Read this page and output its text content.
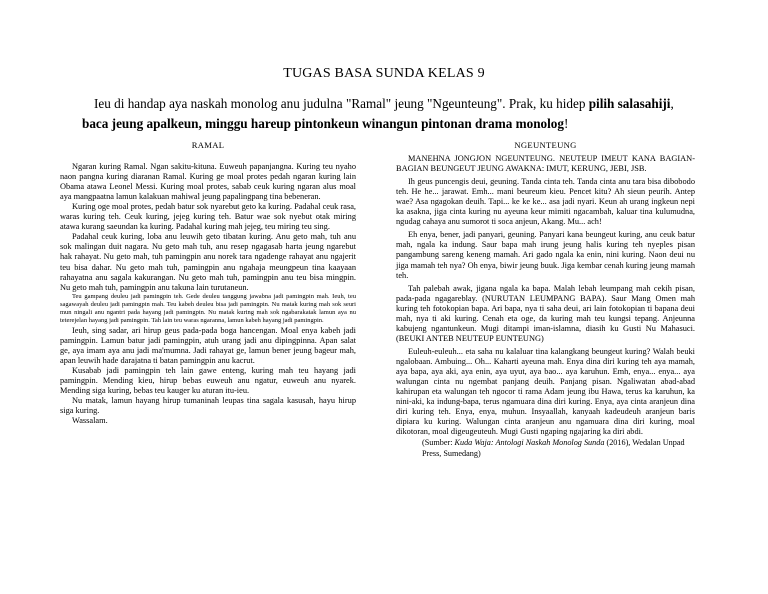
TUGAS BASA SUNDA KELAS 9
Ieu di handap aya naskah monolog anu judulna "Ramal" jeung "Ngeunteung". Prak, ku hidep pilih salasahiji, baca jeung apalkeun, minggu hareup pintonkeun winangun pintonan drama monolog!
RAMAL

Ngaran kuring Ramal. Ngan sakitu-kituna. Euweuh papanjangna. Kuring teu nyaho naon pangna kuring diaranan Ramal. Kuring ge moal protes pedah ngaran kuring lain Obama atawa Leonel Messi. Kuring moal protes, sabab ceuk kuring ngaran alus moal aya mangpaatna lamun kalakuan mahiwal jeung papalingpang tina bebeneran.

Kuring oge moal protes, pedah batur sok nyarebut geto ka kuring. Padahal ceuk rasa, waras kuring teh. Ceuk kuring, jejeg kuring teh. Batur wae sok nyebut otak miring atawa kurang saeundan ka kuring. Padahal kuring mah jejeg, teu miring teu sing.

Padahal ceuk kuring, loba anu leuwih geto tibatan kuring. Anu geto mah, tuh anu sok malingan duit nagara. Nu geto mah tuh, anu resep ngagasab harta jeung ngarebut hak rahayat. Nu geto mah, tuh pamingpin anu norek tara ngadenge rahayat anu ngajerit teu bisa dahar. Nu geto mah tuh, pamingpin anu ngahaja meungpeun tina kaayaan rahayatna anu sagala kakurangan. Nu geto mah tuh, pamingpin anu teu bisa mingpin. Nu geto mah tuh, pamingpin anu takuna lain turutaneun.

Teu gampang deuleu jadi pamingpin teh. Gede deuleu tanggung jawabna jadi pamingpin mah. Ieuh, teu sagawayah deuleu jadi pamingpin mah. Teu kabeh deuleu bisa jadi pamingpin. Nu matak kuring mah sok seuri mun ningali anu ngantri pada hayang jadi pamingpin. Nu matak kuring mah sok ngabarakatak lamun aya nu teterejelan hayang jadi pamingpin. Tah lain teu waras ngaranna, lamun kabeh hayang jadi pamingpin.

Ieuh, sing sadar, ari hirup geus pada-pada boga hancengan. Moal enya kabeh jadi pamingpin. Lamun batur jadi pamingpin, atuh urang jadi anu dipingpinna. Apan salat ge, aya imam aya anu jadi ma'mumna. Jadi rahayat ge, lamun bener jeung bageur mah, apan leuwih hade darajatna ti batan pamingpin anu kacrut.

Kusabab jadi pamingpin teh lain gawe enteng, kuring mah teu hayang jadi pamingpin. Mending kieu, hirup bebas euweuh anu ngatur, euweuh anu nyarek. Mending siga kuring, bebas teu kauger ku aturan itu-ieu.

Nu matak, lamun hayang hirup tumaninah leupas tina sagala kasusah, hayu hirup siga kuring.

Wassalam.

NGEUNTEUNG

MANEHNA JONGJON NGEUNTEUNG. NEUTEUP IMEUT KANA BAGIAN-BAGIAN BEUNGEUT JEUNG AWAKNA: IMUT, KERUNG, JEBI, JSB.

Ih geus puncengis deui, geuning. Tanda cinta teh. Tanda cinta anu tara bisa dibobodo teh. He he... jarawat. Emh... mani beureum kieu. Pencet kitu? Ah sieun peurih. Antep wae? Asa ngagokan deuih. Tapi... ke ke ke... asa jadi nyari. Keun ah urang ingkeun nepi ka asakna, jiga cinta kuring nu ayeuna keur mimiti ngacambah, kaluar tina kulumudna, ngudag cahaya anu sumorot ti soca anjeun, Akang. Mu... ach!

Eh enya, bener, jadi panyari, geuning. Panyari kana beungeut kuring, anu ceuk batur mah, ngala ka indung. Saur bapa mah irung jeung halis kuring teh nyeples pisan pangambung sareng keneng mamah. Ari gado ngala ka enin, nini kuring. Naon deui nu jiga mamah teh nya? Oh enya, biwir jeung buuk. Jiga kembar cenah kuring jeung mamah teh.

Tah palebah awak, jiganа ngala ka bapa. Malah lebah leumpang mah cekih pisan, pada-pada ngagareblay. (NURUTAN LEUMPANG BAPA). Saur Mang Omen mah kuring teh fotokopian bapa. Ari bapa, nya ti saha deui, ari lain fotokopian ti bapana deui mah, nya ti aki kuring. Cenah eta oge, da kuring mah teu kungsi tepang. Anjeunna kabujeng ngantunkeun. Mugi ditampi iman-islamna, diasih ku Gusti Nu Mahasuci. (BEUKI ANTEB NEUTEUP EUNTEUNG)

Euleuh-euleuh... eta saha nu kalaluar tina kalangkang beungeut kuring? Walah beuki ngalobaan. Ambuing... Oh... Kaharti ayeuna mah. Enya dina diri kuring teh aya mamah, aya bapa, aya aki, aya enin, aya uyut, aya bao... aya karuhun. Emh, enya... enya... aya walungan cinta nu ngembat panjang deuih. Panjang pisan. Ngaliwatan abad-abad kahirupan eta walungan teh ngocor ti rama Adam jeung ibu Hawa, terus ka karuhun, ka nini-aki, ka indung-bapa, terus ngamuara dina diri kuring. Enya, aya cinta aranjeun dina diri kuring teh. Enya, enya, muhun. Insyaallah, kanyaah kadeudeuh aranjeun baris dipiara ku kuring. Walungan cinta aranjeun anu ngamuara dina diri kuring, moal dikotoran, moal digeugeuteuh. Mugi Gusti ngaping ngajaring ka diri abdi.

(Sumber: Kuda Waja: Antologi Naskah Monolog Sunda (2016), Wedalan Unpad Press, Sumedang)
